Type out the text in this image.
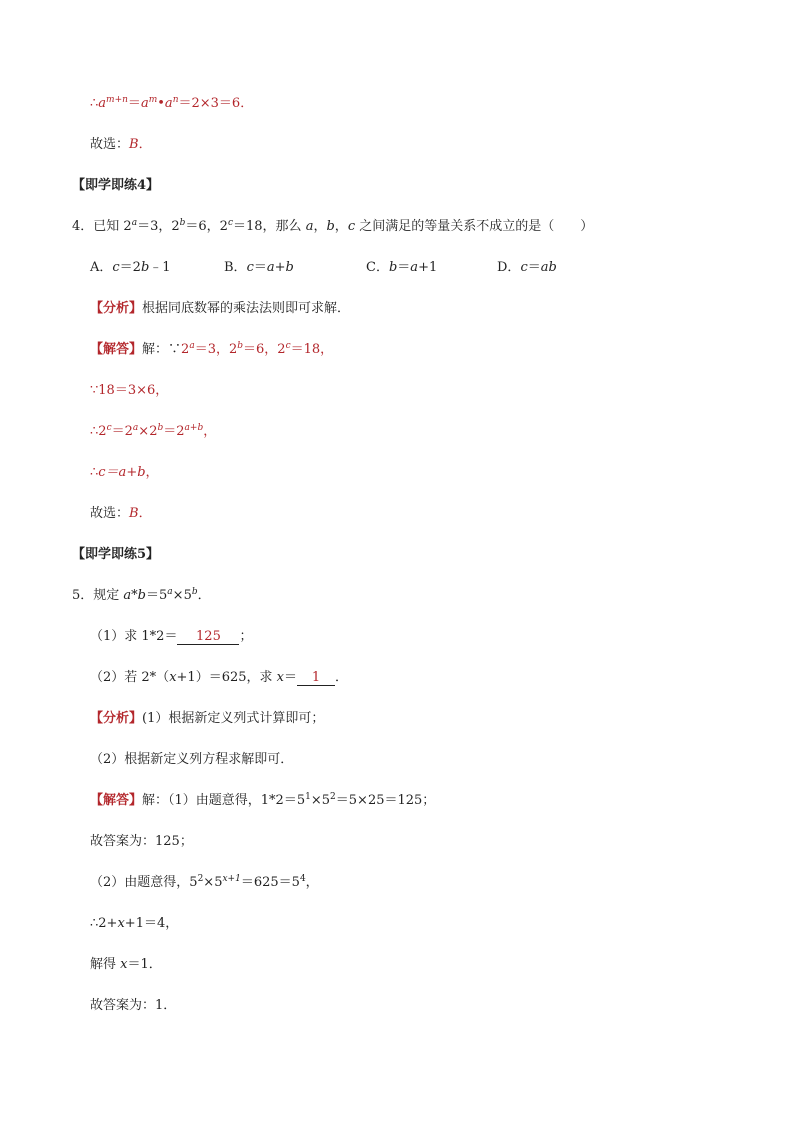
$\therefore a^{m+n}=a^m•a^n=2\times 3=6$．
故选：B．
【即学即练4】
4．已知 $2^a=3$，$2^b=6$，$2^c=18$，那么 a，b，c 之间满足的等量关系不成立的是（　　）
A．c＝2b﹣1	B．c＝a+b	C．b＝a+1	D．c＝ab
【分析】根据同底数幂的乘法法则即可求解．
【解答】解：$\because 2^a=3$，$2^b=6$，$2^c=18$，
∵18＝3×6，
$\therefore 2^c=2^a\times 2^b=2^{a+b}$，
∴c＝a+b，
故选：B．
【即学即练5】
5．规定 $a*b=5^a\times 5^b$．
（1）求 1*2＝ 125 ；
（2）若 2*（x+1）＝625，求 x＝ 1 ．
【分析】(1）根据新定义列式计算即可；
（2）根据新定义列方程求解即可．
【解答】解：（1）由题意得，$1*2=5^1\times 5^2=5\times 25=125$；
故答案为：125；
（2）由题意得，$5^2\times 5^{x+1}=625=5^4$，
∴2+x+1＝4，
解得 x＝1．
故答案为：1．
